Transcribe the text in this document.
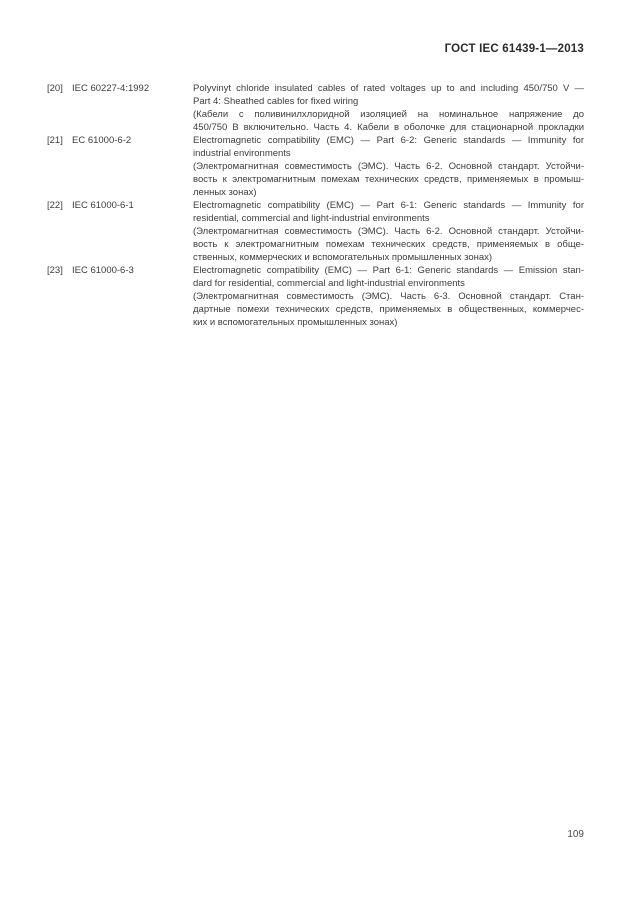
ГОСТ IEC 61439-1—2013
[20] IEC 60227-4:1992	Polyvinyt chloride insulated cables of rated voltages up to and including 450/750 V —
Part 4: Sheathed cables for fixed wiring
(Кабели с поливинилхлоридной изоляцией на номинальное напряжение до
450/750 В включительно. Часть 4. Кабели в оболочке для стационарной прокладки
[21] EC 61000-6-2	Electromagnetic compatibility (EMC) — Part 6-2: Generic standards — Immunity for
industrial environments
(Электромагнитная совместимость (ЭМС). Часть 6-2. Основной стандарт. Устойчи-
вость к электромагнитным помехам технических средств, применяемых в промыш-
ленных зонах)
[22] IEC 61000-6-1	Electromagnetic compatibility (EMC) — Part 6-1: Generic standards — Immunity for
residential, commercial and light-industrial environments
(Электромагнитная совместимость (ЭМС). Часть 6-2. Основной стандарт. Устойчи-
вость к электромагнитным помехам технических средств, применяемых в обще-
ственных, коммерческих и вспомогательных промышленных зонах)
[23] IEC 61000-6-3	Electromagnetic compatibility (EMC) — Part 6-1: Generic standards — Emission stan-
dard for residential, commercial and light-industrial environments
(Электромагнитная совместимость (ЭМС). Часть 6-3. Основной стандарт. Стан-
дартные помехи технических средств, применяемых в общественных, коммерчес-
ких и вспомогательных промышленных зонах)
109
